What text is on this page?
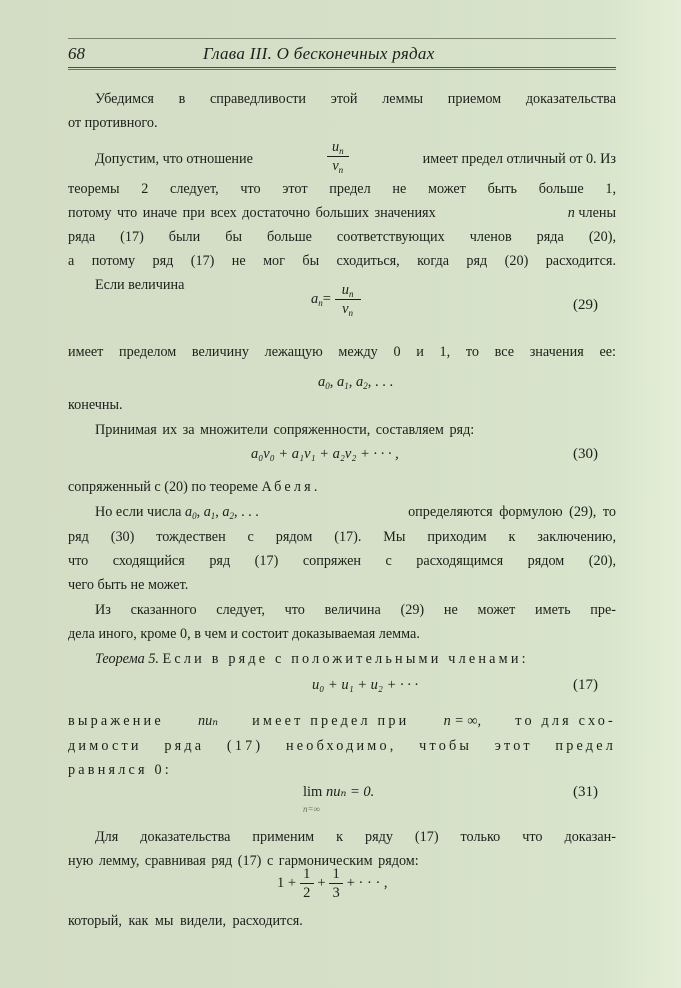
68	Глава III. О бесконечных рядах
Убедимся в справедливости этой леммы приемом доказательства
от противного.
Допустим, что отношение	$\frac{u_n}{v_n}$	имеет предел отличный от 0. Из
теоремы 2 следует, что этот предел не может быть больше 1,
потому что иначе при всех достаточно больших значениях	n члены
ряда (17) были бы больше соответствующих членов ряда (20),
а потому ряд (17) не мог бы сходиться, когда ряд (20) расходится.
Если величина
$a_n= \frac{u_n}{v_n}$	(29)
имеет пределом величину лежащую между 0 и 1, то все значения ее:
$a_0$, $a_1$, $a_2$, . . .
конечны.
Принимая их за множители сопряженности, составляем ряд:
a₀v₀ + a₁v₁ + a₂v₂ + · · · ,	(30)
сопряженный с (20) по теореме Абеля.
Но если числа $a_0$, $a_1$, $a_2$, . . .	определяются формулою (29), то
ряд (30) тождествен с рядом (17). Мы приходим к заключению,
что сходящийся ряд (17) сопряжен с расходящимся рядом (20),
чего быть не может.
Из сказанного следует, что величина (29) не может иметь пре-
дела иного, кроме 0, в чем и состоит доказываемая лемма.
Теорема 5. Если в ряде с положительными членами:
u₀ + u₁ + u₂ + · · ·	(17)
выражение nuₙ имеет предел при n = ∞, то для схо-
димости ряда (17) необходимо, чтобы этот предел
равнялся 0:
lim
n=∞
nuₙ = 0.	(31)
Для доказательства применим к ряду (17) только что доказан-
ную лемму, сравнивая ряд (17) с гармоническим рядом:
$1 + \frac{1}{2} + \frac{1}{3}$ + · · · ,
который, как мы видели, расходится.
